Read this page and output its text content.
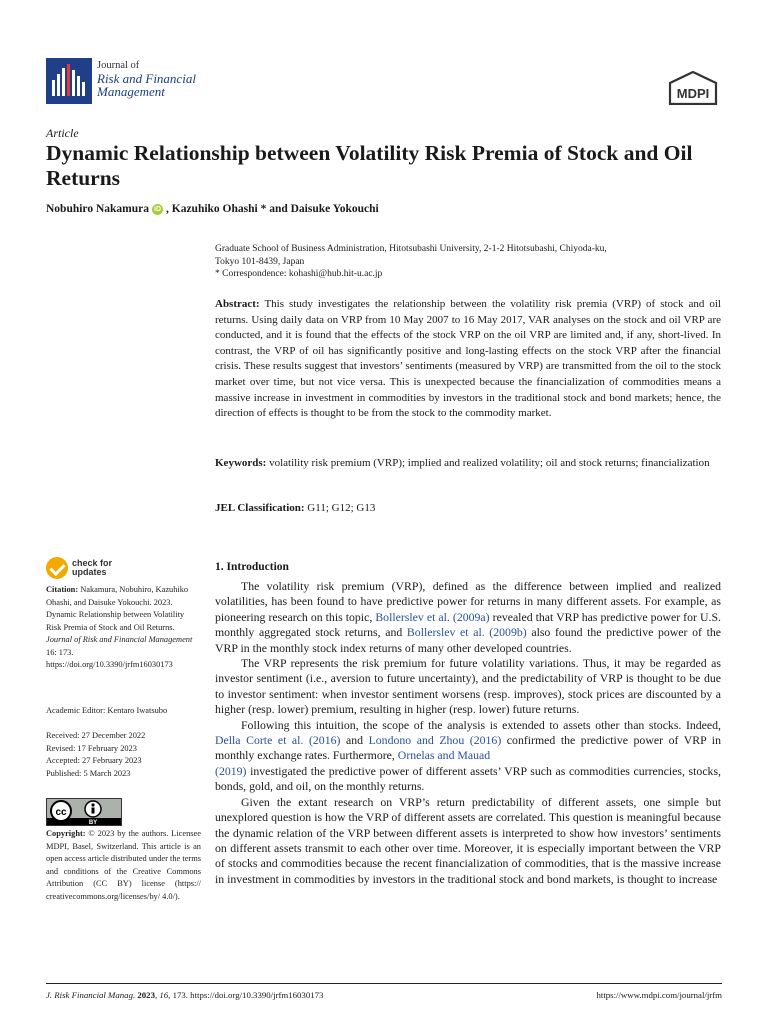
Journal of
Risk and Financial
Management	MDPI
Article
Dynamic Relationship between Volatility Risk Premia of Stock and Oil Returns
Nobuhiro Nakamura iD , Kazuhiko Ohashi * and Daisuke Yokouchi
Graduate School of Business Administration, Hitotsubashi University, 2-1-2 Hitotsubashi, Chiyoda-ku,
Tokyo 101-8439, Japan
* Correspondence: kohashi@hub.hit-u.ac.jp
Abstract: This study investigates the relationship between the volatility risk premia (VRP) of stock and oil returns. Using daily data on VRP from 10 May 2007 to 16 May 2017, VAR analyses on the stock and oil VRP are conducted, and it is found that the effects of the stock VRP on the oil VRP are limited and, if any, short-lived. In contrast, the VRP of oil has significantly positive and long-lasting effects on the stock VRP after the financial crisis. These results suggest that investors’ sentiments (measured by VRP) are transmitted from the oil to the stock market over time, but not vice versa. This is unexpected because the financialization of commodities means a massive increase in investment in commodities by investors in the traditional stock and bond markets; hence, the direction of effects is thought to be from the stock to the commodity market.
Keywords: volatility risk premium (VRP); implied and realized volatility; oil and stock returns; financialization
JEL Classification: G11; G12; G13
check for
updates
Citation: Nakamura, Nobuhiro, Kazuhiko Ohashi, and Daisuke Yokouchi. 2023. Dynamic Relationship between Volatility Risk Premia of Stock and Oil Returns. Journal of Risk and Financial Management 16: 173. https://doi.org/10.3390/jrfm16030173
Academic Editor: Kentaro Iwatsubo
Received: 27 December 2022
Revised: 17 February 2023
Accepted: 27 February 2023
Published: 5 March 2023
cc
BY
Copyright: © 2023 by the authors. Licensee MDPI, Basel, Switzerland. This article is an open access article distributed under the terms and conditions of the Creative Commons Attribution (CC BY) license (https:// creativecommons.org/licenses/by/ 4.0/).
1. Introduction

The volatility risk premium (VRP), defined as the difference between implied and realized volatilities, has been found to have predictive power for returns in many different assets. For example, as pioneering research on this topic, Bollerslev et al. (2009a) revealed that VRP has predictive power for U.S. monthly aggregated stock returns, and Bollerslev et al. (2009b) also found the predictive power of the VRP in the monthly stock index returns of many other developed countries.

The VRP represents the risk premium for future volatility variations. Thus, it may be regarded as investor sentiment (i.e., aversion to future uncertainty), and the predictability of VRP is thought to be due to investor sentiment: when investor sentiment worsens (resp. improves), stock prices are discounted by a higher (resp. lower) premium, resulting in higher (resp. lower) future returns.

Following this intuition, the scope of the analysis is extended to assets other than stocks. Indeed, Della Corte et al. (2016) and Londono and Zhou (2016) confirmed the predictive power of VRP in monthly exchange rates. Furthermore, Ornelas and Mauad
(2019) investigated the predictive power of different assets’ VRP such as commodities currencies, stocks, bonds, gold, and oil, on the monthly returns.

Given the extant research on VRP’s return predictability of different assets, one simple but unexplored question is how the VRP of different assets are correlated. This question is meaningful because the dynamic relation of the VRP between different assets is interpreted to show how investors’ sentiments on different assets transmit to each other over time. Moreover, it is especially important between the VRP of stocks and commodities because the recent financialization of commodities, that is the massive increase in investment in commodities by investors in the traditional stock and bond markets, is thought to increase

J. Risk Financial Manag. 2023, 16, 173. https://doi.org/10.3390/jrfm16030173	https://www.mdpi.com/journal/jrfm
